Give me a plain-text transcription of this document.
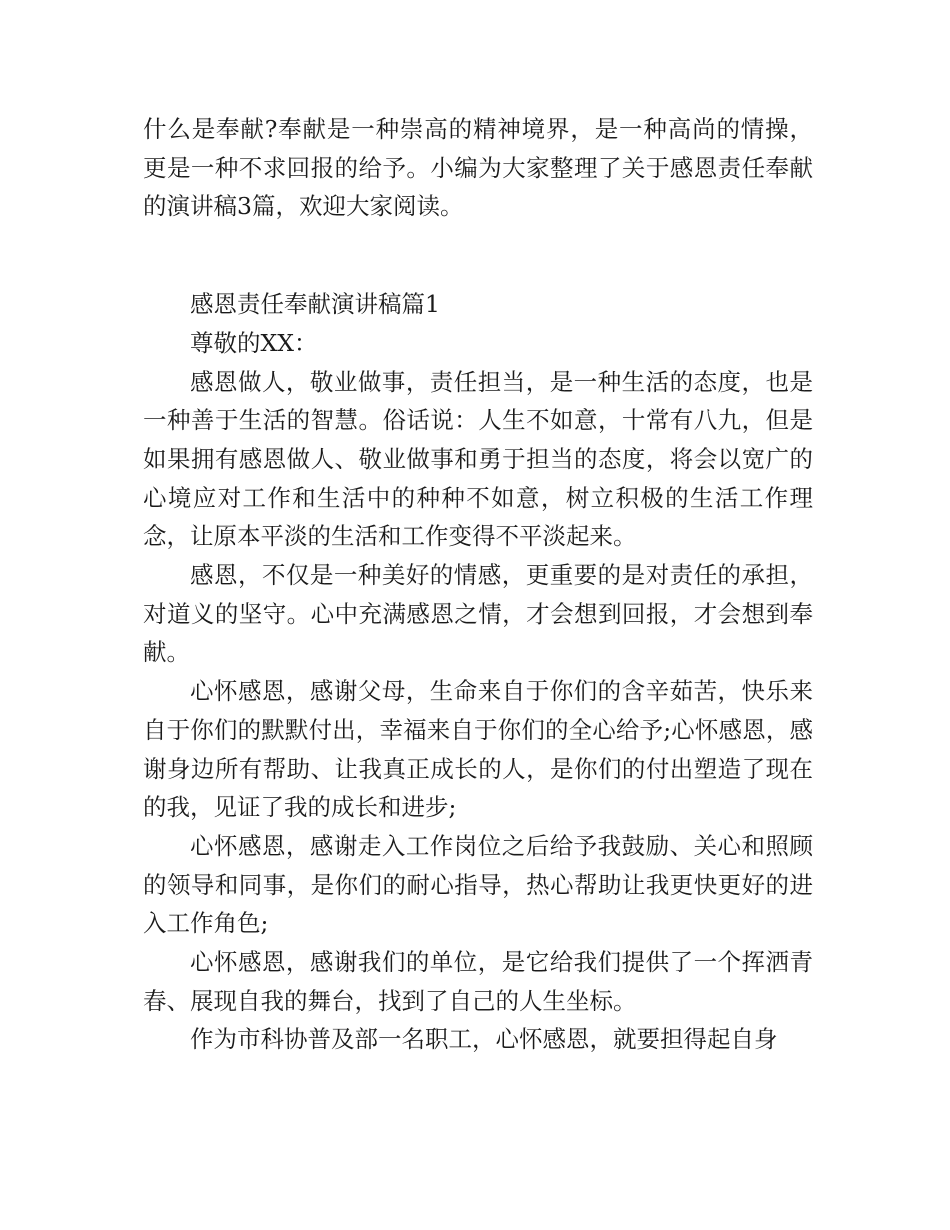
什么是奉献?奉献是一种崇高的精神境界，是一种高尚的情操，更是一种不求回报的给予。小编为大家整理了关于感恩责任奉献的演讲稿3篇，欢迎大家阅读。

感恩责任奉献演讲稿篇1

尊敬的XX：

感恩做人，敬业做事，责任担当，是一种生活的态度，也是一种善于生活的智慧。俗话说：人生不如意，十常有八九，但是如果拥有感恩做人、敬业做事和勇于担当的态度，将会以宽广的心境应对工作和生活中的种种不如意，树立积极的生活工作理念，让原本平淡的生活和工作变得不平淡起来。

感恩，不仅是一种美好的情感，更重要的是对责任的承担，对道义的坚守。心中充满感恩之情，才会想到回报，才会想到奉献。

心怀感恩，感谢父母，生命来自于你们的含辛茹苦，快乐来自于你们的默默付出，幸福来自于你们的全心给予;心怀感恩，感谢身边所有帮助、让我真正成长的人，是你们的付出塑造了现在的我，见证了我的成长和进步;

心怀感恩，感谢走入工作岗位之后给予我鼓励、关心和照顾的领导和同事，是你们的耐心指导，热心帮助让我更快更好的进入工作角色;

心怀感恩，感谢我们的单位，是它给我们提供了一个挥洒青春、展现自我的舞台，找到了自己的人生坐标。

作为市科协普及部一名职工，心怀感恩，就要担得起自身
